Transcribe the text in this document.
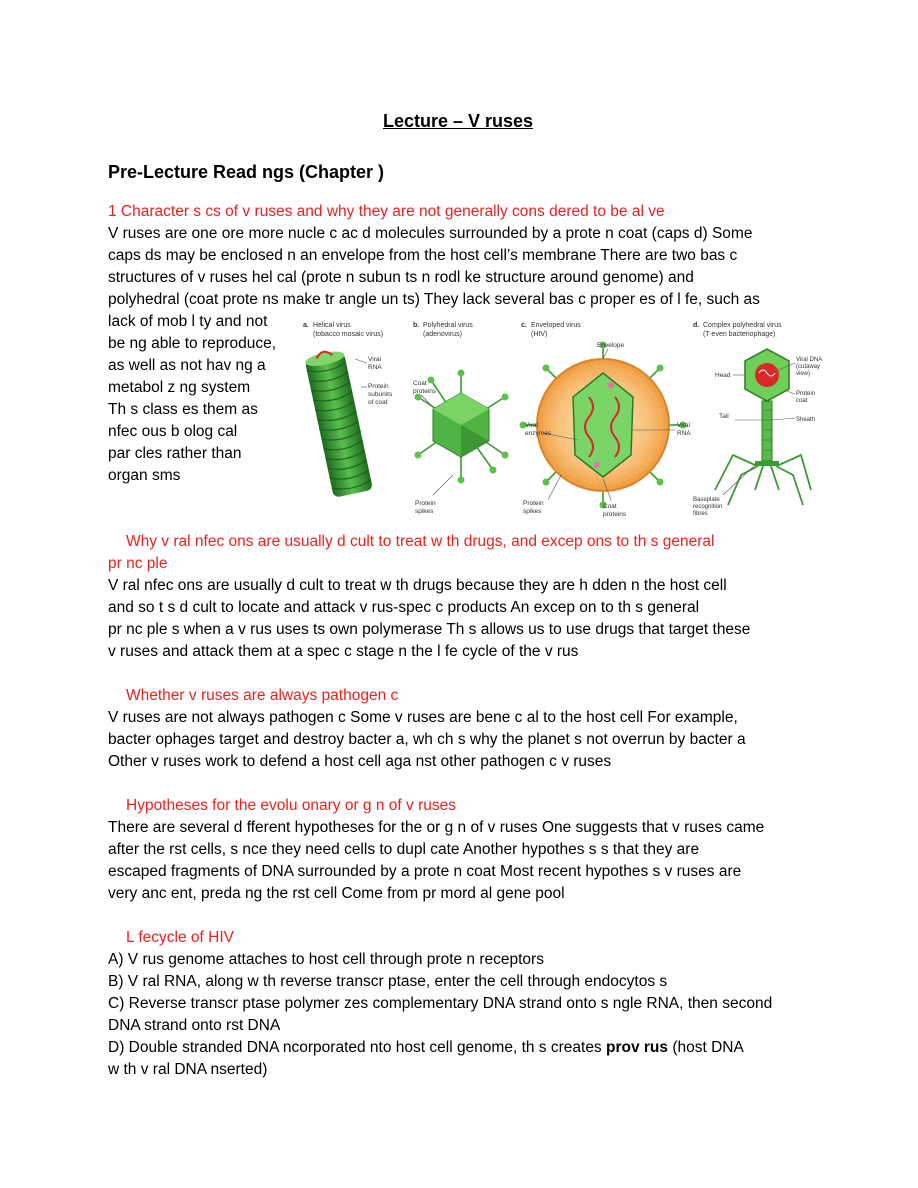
Lecture – V ruses
Pre-Lecture Read ngs (Chapter )
1 Character s cs of v ruses and why they are not generally cons dered to be al ve
V ruses are one ore more nucle c ac d molecules surrounded by a prote n coat (caps d) Some
caps ds may be enclosed n an envelope from the host cell’s membrane There are two bas c
structures of v ruses hel cal (prote n subun ts n rodl ke structure around genome) and
polyhedral (coat prote ns make tr angle un ts) They lack several bas c proper es of l fe, such as
lack of mob l ty and not
be ng able to reproduce,
as well as not hav ng a
metabol z ng system
Th s class es them as
nfec ous b olog cal
par cles rather than
organ sms
a. Helical virus
(tobacco mosaic virus)
b. Polyhedral virus
(adenovirus)
c. Enveloped virus
(HIV)
d. Complex polyhedral virus
(T-even bacteriophage)
Viral
RNA
Protein
subunits
of coat
Coat
proteins
Protein
spikes
Envelope
Viral
enzymes
Viral
RNA
Protein
spikes
Coat
proteins
Head
Tail
Viral DNA
(cutaway
view)
Protein
coat
Sheath
Baseplate
recognition
fibres
Why v ral nfec ons are usually d cult to treat w th drugs, and excep ons to th s general
pr nc ple
V ral nfec ons are usually d cult to treat w th drugs because they are h dden n the host cell
and so t s d cult to locate and attack v rus-spec c products An excep on to th s general
pr nc ple s when a v rus uses ts own polymerase Th s allows us to use drugs that target these
v ruses and attack them at a spec c stage n the l fe cycle of the v rus
Whether v ruses are always pathogen c
V ruses are not always pathogen c Some v ruses are bene c al to the host cell For example,
bacter ophages target and destroy bacter a, wh ch s why the planet s not overrun by bacter a
Other v ruses work to defend a host cell aga nst other pathogen c v ruses
Hypotheses for the evolu onary or g n of v ruses
There are several d fferent hypotheses for the or g n of v ruses One suggests that v ruses came
after the rst cells, s nce they need cells to dupl cate Another hypothes s s that they are
escaped fragments of DNA surrounded by a prote n coat Most recent hypothes s v ruses are
very anc ent, preda ng the rst cell Come from pr mord al gene pool
L fecycle of HIV
A) V rus genome attaches to host cell through prote n receptors
B) V ral RNA, along w th reverse transcr ptase, enter the cell through endocytos s
C) Reverse transcr ptase polymer zes complementary DNA strand onto s ngle RNA, then second
DNA strand onto rst DNA
D) Double stranded DNA ncorporated nto host cell genome, th s creates prov rus (host DNA
w th v ral DNA nserted)
